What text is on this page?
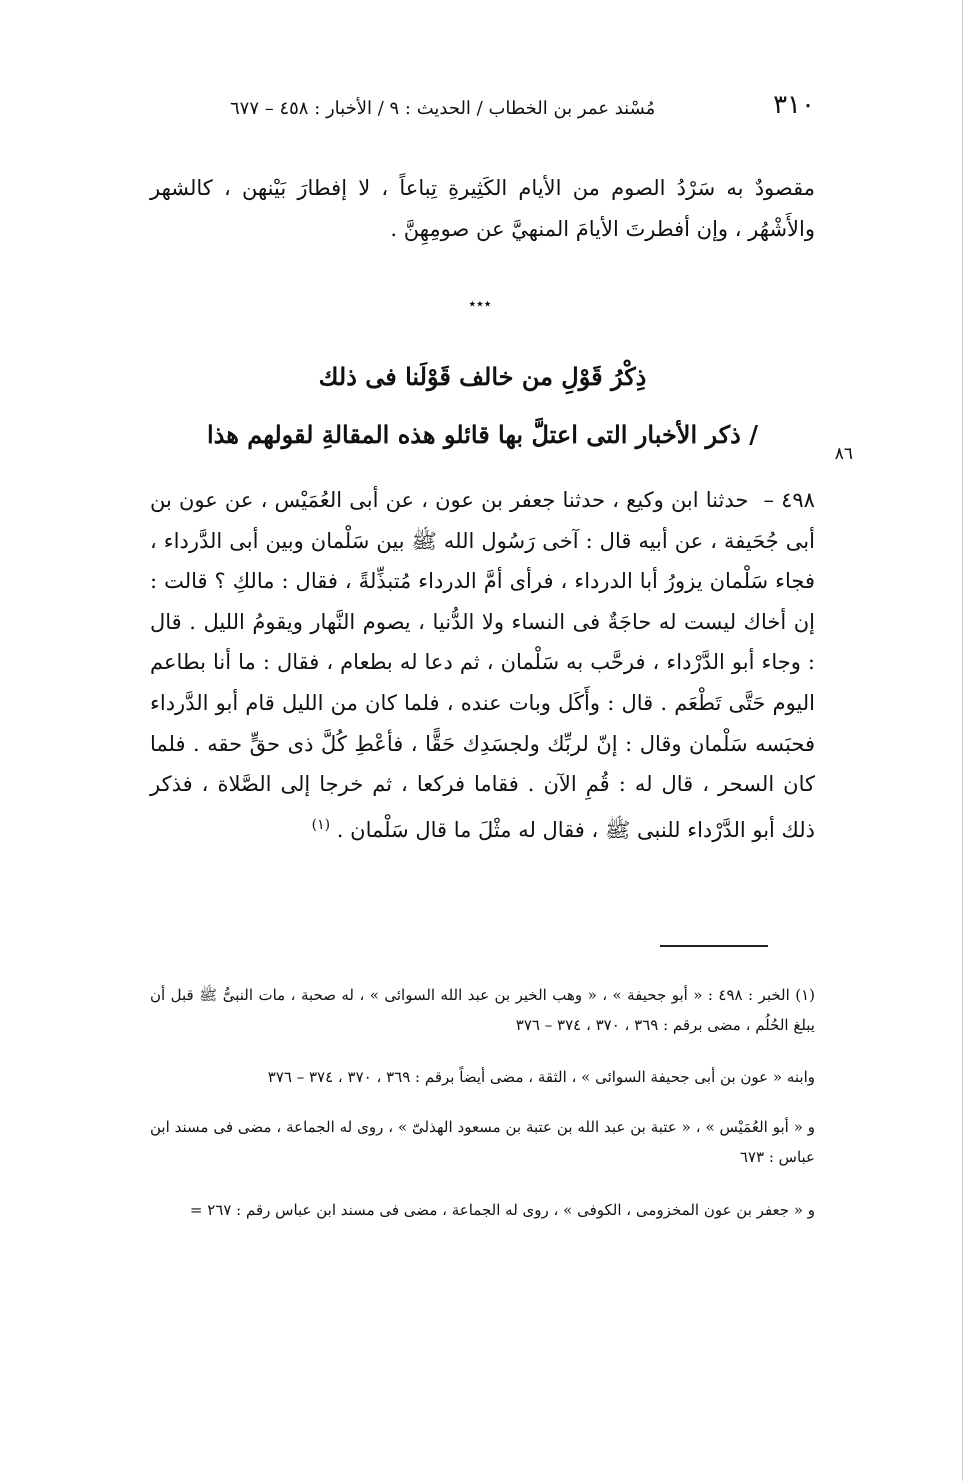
٣١٠
مُسْند عمر بن الخطاب / الحديث : ٩ / الأخبار : ٤٥٨ – ٦٧٧

مقصودٌ به سَرْدُ الصوم من الأيام الكَثِيرةِ تِباعاً ، لا إفطارَ بَيْنهن ، كالشهر والأَشْهُر ، وإن أفطرتَ الأيامَ المنهيَّ عن صومِهِنَّ .

٭٭٭
ذِكْرُ قَوْلِ من خالف قَوْلَنا فى ذلك
/ ذكر الأخبار التى اعتلَّ بها قائلو هذه المقالةِ لقولهم هذا
٨٦

٤٩٨ – حدثنا ابن وكيع ، حدثنا جعفر بن عون ، عن أبى العُمَيْس ، عن عون بن أبى جُحَيفة ، عن أبيه قال : آخى رَسُول الله ﷺ بين سَلْمان وبين أبى الدَّرداء ، فجاء سَلْمان يزورُ أبا الدرداء ، فرأى أمَّ الدرداء مُتبذِّلةً ، فقال : مالكِ ؟ قالت : إن أخاك ليست له حاجَةٌ فى النساء ولا الدُّنيا ، يصوم النَّهار ويقومُ الليل . قال : وجاء أبو الدَّرْداء ، فرحَّب به سَلْمان ، ثم دعا له بطعام ، فقال : ما أنا بطاعم اليوم حَتَّى تَطْعَم . قال : وأَكَل وبات عنده ، فلما كان من الليل قام أبو الدَّرداء فحبَسه سَلْمان وقال : إنّ لربِّك ولجسَدِك حَقًّا ، فأعْطِ كُلَّ ذى حقٍّ حقه . فلما كان السحر ، قال له : قُمِ الآن . فقاما فركعا ، ثم خرجا إلى الصَّلاة ، فذكر ذلك أبو الدَّرْداء للنبى ﷺ ، فقال له مثْلَ ما قال سَلْمان . $^{(١)}$

(١) الخبر : ٤٩٨ : « أبو جحيفة » ، « وهب الخير بن عبد الله السوائى » ، له صحبة ، مات النبىُّ ﷺ قبل أن يبلغ الحُلُم ، مضى برقم : ٣٦٩ ، ٣٧٠ ، ٣٧٤ – ٣٧٦

وابنه « عون بن أبى جحيفة السوائى » ، الثقة ، مضى أيضاً برقم : ٣٦٩ ، ٣٧٠ ، ٣٧٤ – ٣٧٦

و « أبو العُمَيْس » ، « عتبة بن عبد الله بن عتبة بن مسعود الهذلىّ » ، روى له الجماعة ، مضى فى مسند ابن عباس : ٦٧٣

و « جعفر بن عون المخزومى ، الكوفى » ، روى له الجماعة ، مضى فى مسند ابن عباس رقم : ٢٦٧ =
